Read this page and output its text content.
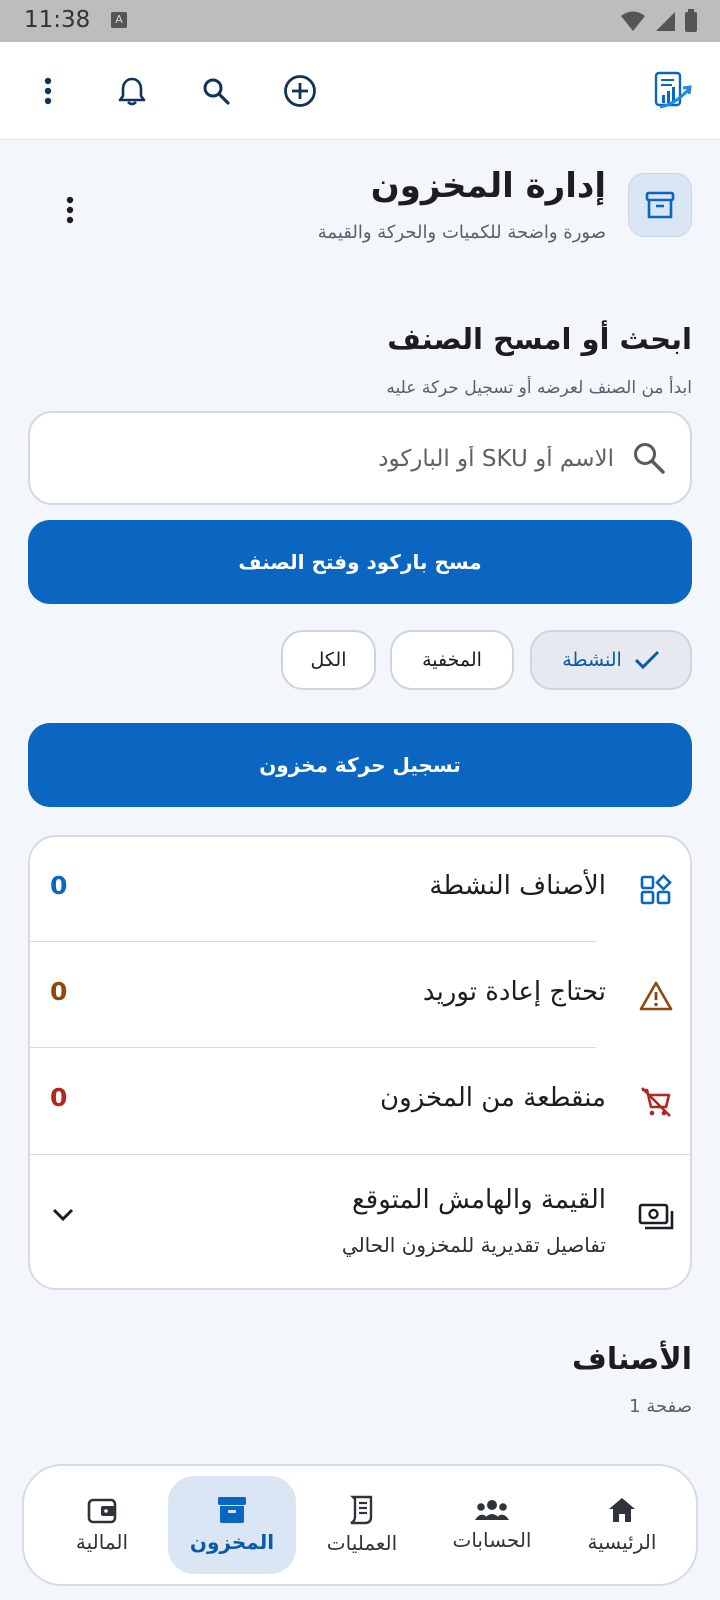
11:38	A
إدارة المخزون
صورة واضحة للكميات والحركة والقيمة
ابحث أو امسح الصنف
ابدأ من الصنف لعرضه أو تسجيل حركة عليه
الاسم أو SKU أو الباركود
مسح باركود وفتح الصنف
النشطة
المخفية
الكل
تسجيل حركة مخزون
الأصناف النشطة
0
تحتاج إعادة توريد
0
منقطعة من المخزون
0
القيمة والهامش المتوقع
تفاصيل تقديرية للمخزون الحالي
الأصناف
صفحة 1
الرئيسية
الحسابات
العمليات
المخزون
المالية
